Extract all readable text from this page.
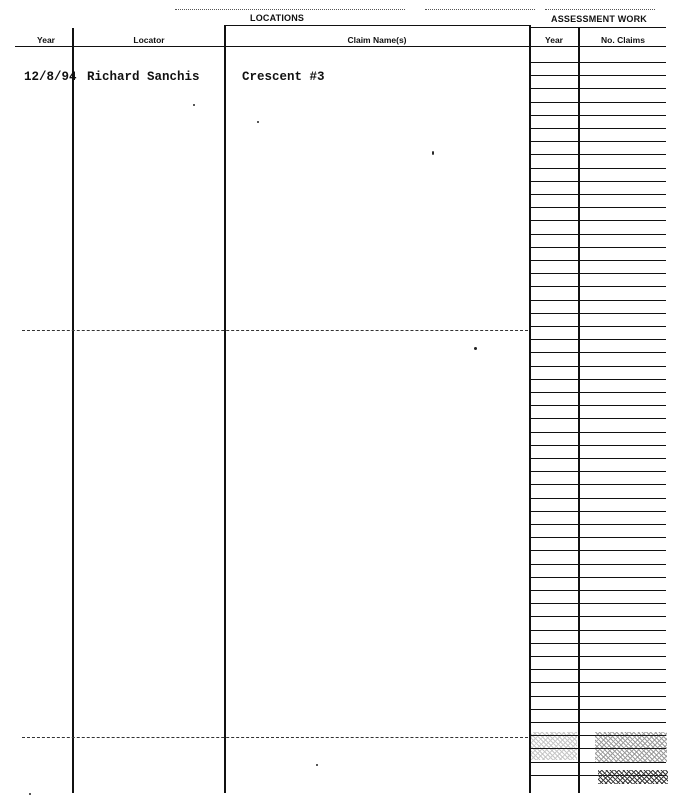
LOCATIONS	ASSESSMENT WORK
Year	Locator	Claim Name(s)	Year	No. Claims
12/8/94 Richard Sanchis	Crescent #3
